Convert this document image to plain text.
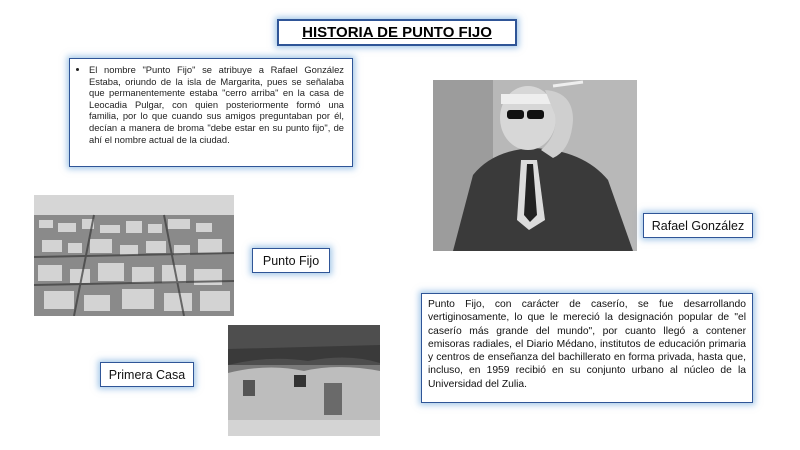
HISTORIA DE PUNTO FIJO
• El nombre "Punto Fijo" se atribuye a Rafael González Estaba, oriundo de la isla de Margarita, pues se señalaba que permanentemente estaba "cerro arriba" en la casa de Leocadia Pulgar, con quien posteriormente formó una familia, por lo que cuando sus amigos preguntaban por él, decían a manera de broma "debe estar en su punto fijo", de ahí el nombre actual de la ciudad.
Rafael González
Punto Fijo
Primera Casa
Punto Fijo, con carácter de caserío, se fue desarrollando vertiginosamente, lo que le mereció la designación popular de "el caserío más grande del mundo", por cuanto llegó a contener emisoras radiales, el Diario Médano, institutos de educación primaria y centros de enseñanza del bachillerato en forma privada, hasta que, incluso, en 1959 recibió en su conjunto urbano al núcleo de la Universidad del Zulia.
